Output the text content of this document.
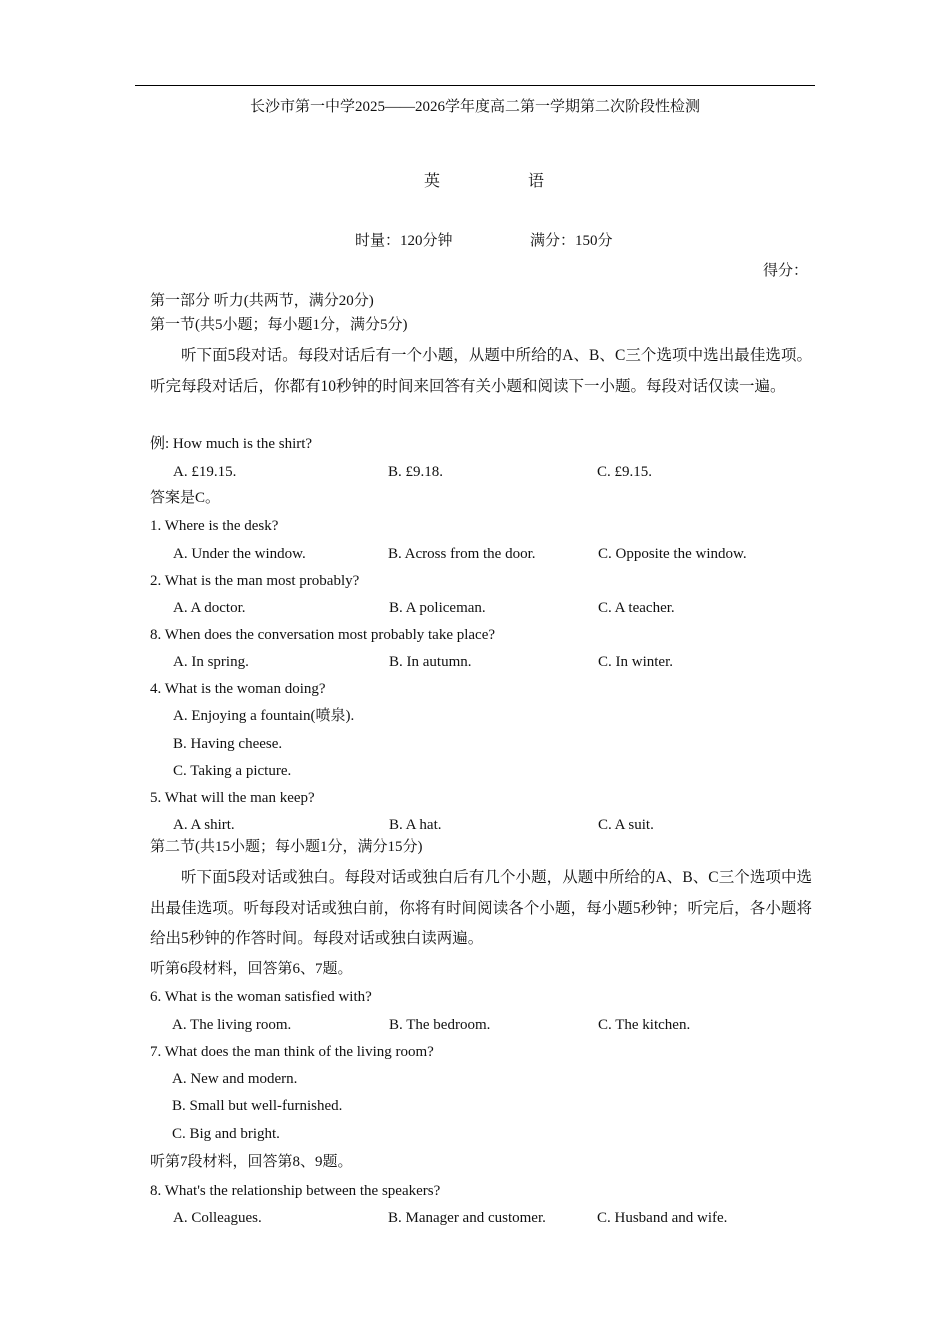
长沙市第一中学2025——2026学年度高二第一学期第二次阶段性检测
英	语
时量：120分钟	满分：150分
得分：
第一部分 听力(共两节，满分20分)
第一节(共5小题；每小题1分，满分5分)
听下面5段对话。每段对话后有一个小题，从题中所给的A、B、C三个选项中选出最佳选项。听完每段对话后，你都有10秒钟的时间来回答有关小题和阅读下一小题。每段对话仅读一遍。
例: How much is the shirt?
A. £19.15.	B. £9.18.	C. £9.15.
答案是C。
1. Where is the desk?
A. Under the window.	B. Across from the door.	C. Opposite the window.
2. What is the man most probably?
A. A doctor.	B. A policeman.	C. A teacher.
8. When does the conversation most probably take place?
A. In spring.	B. In autumn.	C. In winter.
4. What is the woman doing?
A. Enjoying a fountain(喷泉).
B. Having cheese.
C. Taking a picture.
5. What will the man keep?
A. A shirt.	B. A hat.	C. A suit.
第二节(共15小题；每小题1分，满分15分)
听下面5段对话或独白。每段对话或独白后有几个小题，从题中所给的A、B、C三个选项中选出最佳选项。听每段对话或独白前，你将有时间阅读各个小题，每小题5秒钟；听完后，各小题将给出5秒钟的作答时间。每段对话或独白读两遍。
听第6段材料，回答第6、7题。
6. What is the woman satisfied with?
A. The living room.	B. The bedroom.	C. The kitchen.
7. What does the man think of the living room?
A. New and modern.
B. Small but well-furnished.
C. Big and bright.
听第7段材料，回答第8、9题。
8. What's the relationship between the speakers?
A. Colleagues.	B. Manager and customer.	C. Husband and wife.
